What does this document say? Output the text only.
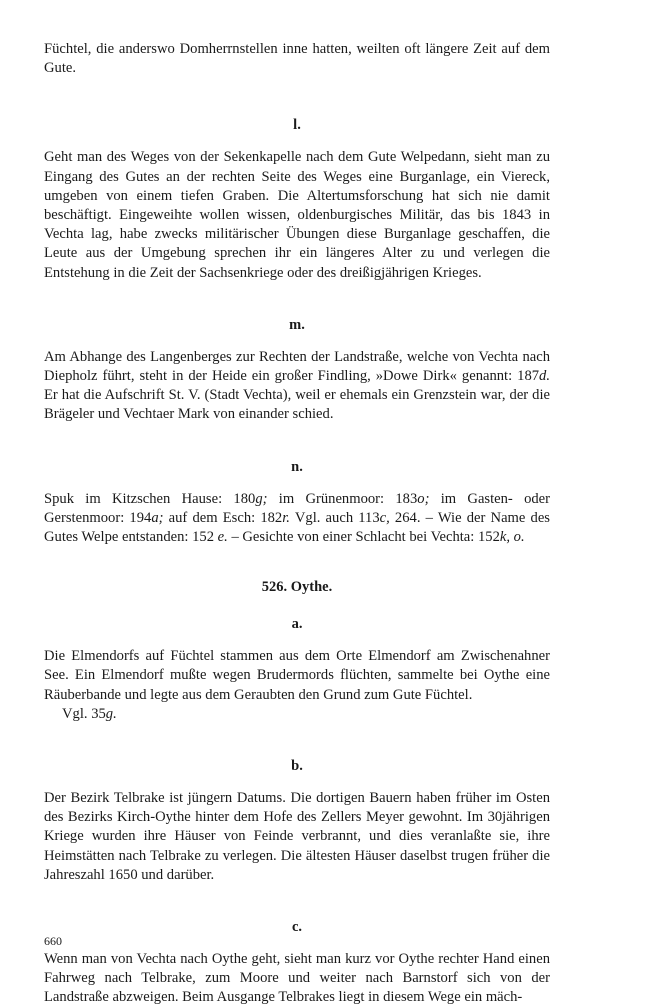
Füchtel, die anderswo Domherrnstellen inne hatten, weilten oft längere Zeit auf dem Gute.

l.

Geht man des Weges von der Sekenkapelle nach dem Gute Welpedann, sieht man zu Eingang des Gutes an der rechten Seite des Weges eine Burganlage, ein Viereck, umgeben von einem tiefen Graben. Die Altertumsforschung hat sich nie damit beschäftigt. Eingeweihte wollen wissen, oldenburgisches Militär, das bis 1843 in Vechta lag, habe zwecks militärischer Übungen diese Burganlage geschaffen, die Leute aus der Umgebung sprechen ihr ein längeres Alter zu und verlegen die Entstehung in die Zeit der Sachsenkriege oder des dreißigjährigen Krieges.

m.

Am Abhange des Langenberges zur Rechten der Landstraße, welche von Vechta nach Diepholz führt, steht in der Heide ein großer Findling, »Dowe Dirk« genannt: 187d. Er hat die Aufschrift St. V. (Stadt Vechta), weil er ehemals ein Grenzstein war, der die Brägeler und Vechtaer Mark von einander schied.

n.

Spuk im Kitzschen Hause: 180g; im Grünenmoor: 183o; im Gasten- oder Gerstenmoor: 194a; auf dem Esch: 182r. Vgl. auch 113c, 264. – Wie der Name des Gutes Welpe entstanden: 152 e. – Gesichte von einer Schlacht bei Vechta: 152k, o.

526. Oythe.
a.

Die Elmendorfs auf Füchtel stammen aus dem Orte Elmendorf am Zwischenahner See. Ein Elmendorf mußte wegen Brudermords flüchten, sammelte bei Oythe eine Räuberbande und legte aus dem Geraubten den Grund zum Gute Füchtel.

Vgl. 35g.

b.

Der Bezirk Telbrake ist jüngern Datums. Die dortigen Bauern haben früher im Osten des Bezirks Kirch-Oythe hinter dem Hofe des Zellers Meyer gewohnt. Im 30jährigen Kriege wurden ihre Häuser von Feinde verbrannt, und dies veranlaßte sie, ihre Heimstätten nach Telbrake zu verlegen. Die ältesten Häuser daselbst trugen früher die Jahreszahl 1650 und darüber.

c.

Wenn man von Vechta nach Oythe geht, sieht man kurz vor Oythe rechter Hand einen Fahrweg nach Telbrake, zum Moore und weiter nach Barnstorf sich von der Landstraße abzweigen. Beim Ausgange Telbrakes liegt in diesem Wege ein mäch-

660
